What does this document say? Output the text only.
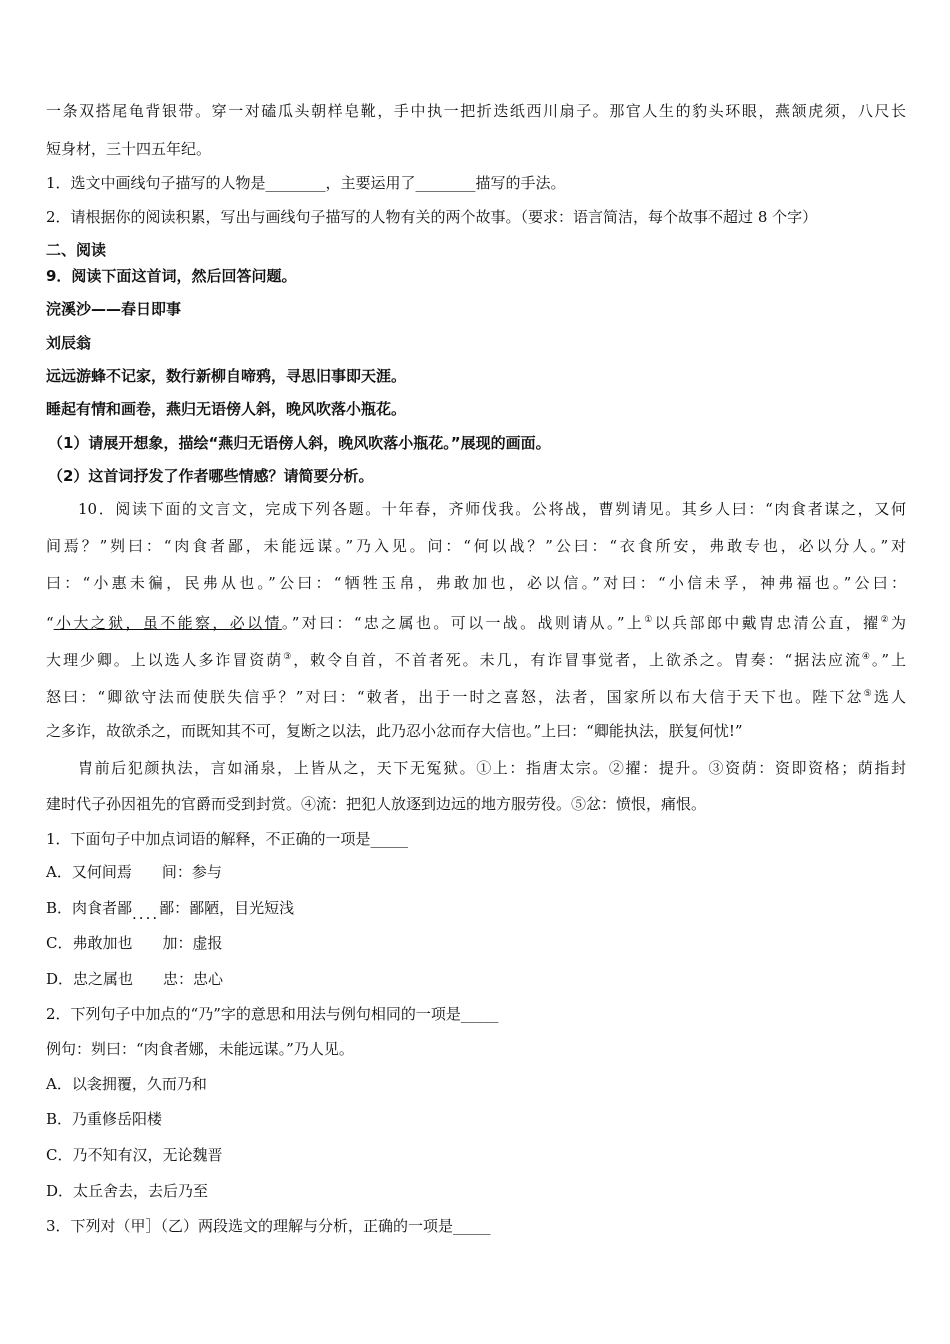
一条双搭尾龟背银带。穿一对磕瓜头朝样皂靴，手中执一把折迭纸西川扇子。那官人生的豹头环眼，燕颔虎须，八尺长
短身材，三十四五年纪。
1．选文中画线句子描写的人物是________，主要运用了________描写的手法。
2．请根据你的阅读积累，写出与画线句子描写的人物有关的两个故事。（要求：语言简洁，每个故事不超过 8 个字）
二、阅读
9．阅读下面这首词，然后回答问题。
浣溪沙——春日即事
刘辰翁
远远游蜂不记家，数行新柳自啼鸦，寻思旧事即天涯。
睡起有情和画卷，燕归无语傍人斜，晚风吹落小瓶花。
（1）请展开想象，描绘“燕归无语傍人斜，晚风吹落小瓶花。”展现的画面。
（2）这首词抒发了作者哪些情感？请简要分析。
10．阅读下面的文言文，完成下列各题。十年春，齐师伐我。公将战，曹刿请见。其乡人曰：“肉食者谋之，又何
间焉？”刿曰：“肉食者鄙，未能远谋。”乃入见。问：“何以战？”公曰：“衣食所安，弗敢专也，必以分人。”对
曰：“小惠未徧，民弗从也。”公曰：“牺牲玉帛，弗敢加也，必以信。”对曰：“小信未孚，神弗福也。”公曰：
“小大之狱，虽不能察，必以情。”对曰：“忠之属也。可以一战。战则请从。”上①以兵部郎中戴胄忠清公直，擢②为
大理少卿。上以选人多诈冒资荫③，敕令自首，不首者死。未几，有诈冒事觉者，上欲杀之。胄奏：“据法应流④。”上
怒曰：“卿欲守法而使朕失信乎？”对曰：“敕者，出于一时之喜怒，法者，国家所以布大信于天下也。陛下忿⑤选人
之多诈，故欲杀之，而既知其不可，复断之以法，此乃忍小忿而存大信也。”上曰：“卿能执法，朕复何忧!”
胄前后犯颜执法，言如涌泉，上皆从之，天下无冤狱。①上：指唐太宗。②擢：提升。③资荫：资即资格；荫指封
建时代子孙因祖先的官爵而受到封赏。④流：把犯人放逐到边远的地方服劳役。⑤忿：愤恨，痛恨。
1．下面句子中加点词语的解释，不正确的一项是_____
A．又何间焉　　间：参与
B．肉食者鄙....鄙：鄙陋，目光短浅
C．弗敢加也　　加：虚报
D．忠之属也　　忠：忠心
2．下列句子中加点的“乃”字的意思和用法与例句相同的一项是_____
例句：刿曰：“肉食者娜，未能远谋。”乃人见。
A．以衾拥覆，久而乃和
B．乃重修岳阳楼
C．乃不知有汉，无论魏晋
D．太丘舍去，去后乃至
3．下列对（甲］（乙）两段选文的理解与分析，正确的一项是_____
